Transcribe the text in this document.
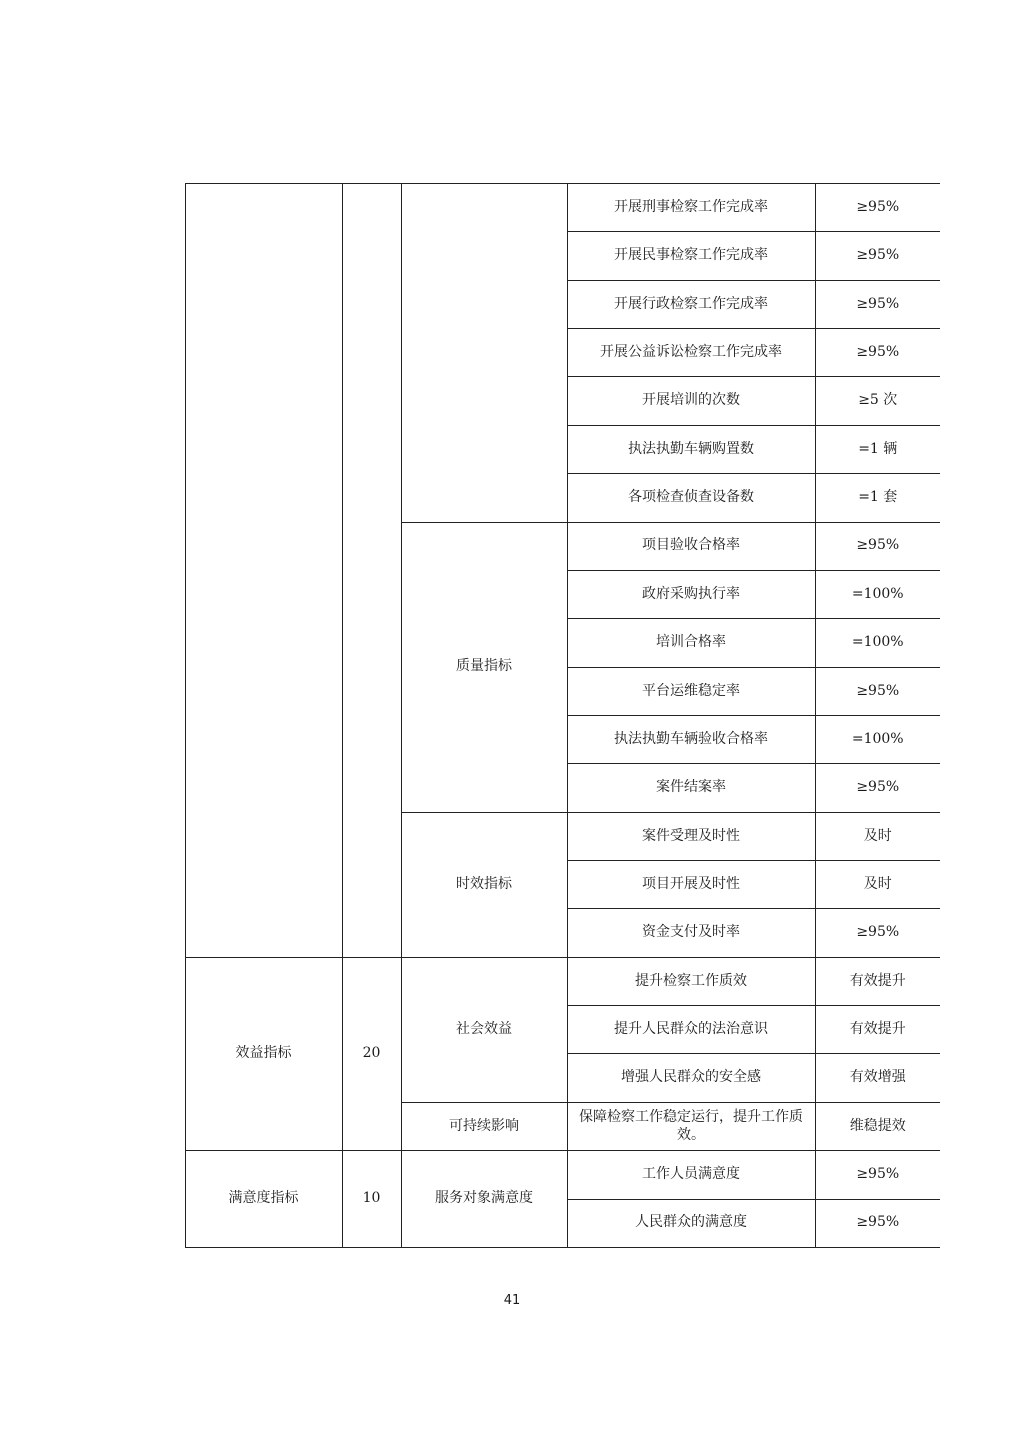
				开展刑事检察工作完成率	≥95%
				开展民事检察工作完成率	≥95%
				开展行政检察工作完成率	≥95%
				开展公益诉讼检察工作完成率	≥95%
				开展培训的次数	≥5 次
				执法执勤车辆购置数	=1 辆
				各项检查侦查设备数	=1 套
			质量指标	项目验收合格率	≥95%
				政府采购执行率	=100%
				培训合格率	=100%
				平台运维稳定率	≥95%
				执法执勤车辆验收合格率	=100%
				案件结案率	≥95%
			时效指标	案件受理及时性	及时
				项目开展及时性	及时
				资金支付及时率	≥95%
	效益指标	20	社会效益	提升检察工作质效	有效提升
				提升人民群众的法治意识	有效提升
				增强人民群众的安全感	有效增强
			可持续影响	保障检察工作稳定运行，提升工作质效。	维稳提效
	满意度指标	10	服务对象满意度	工作人员满意度	≥95%
				人民群众的满意度	≥95%
41
